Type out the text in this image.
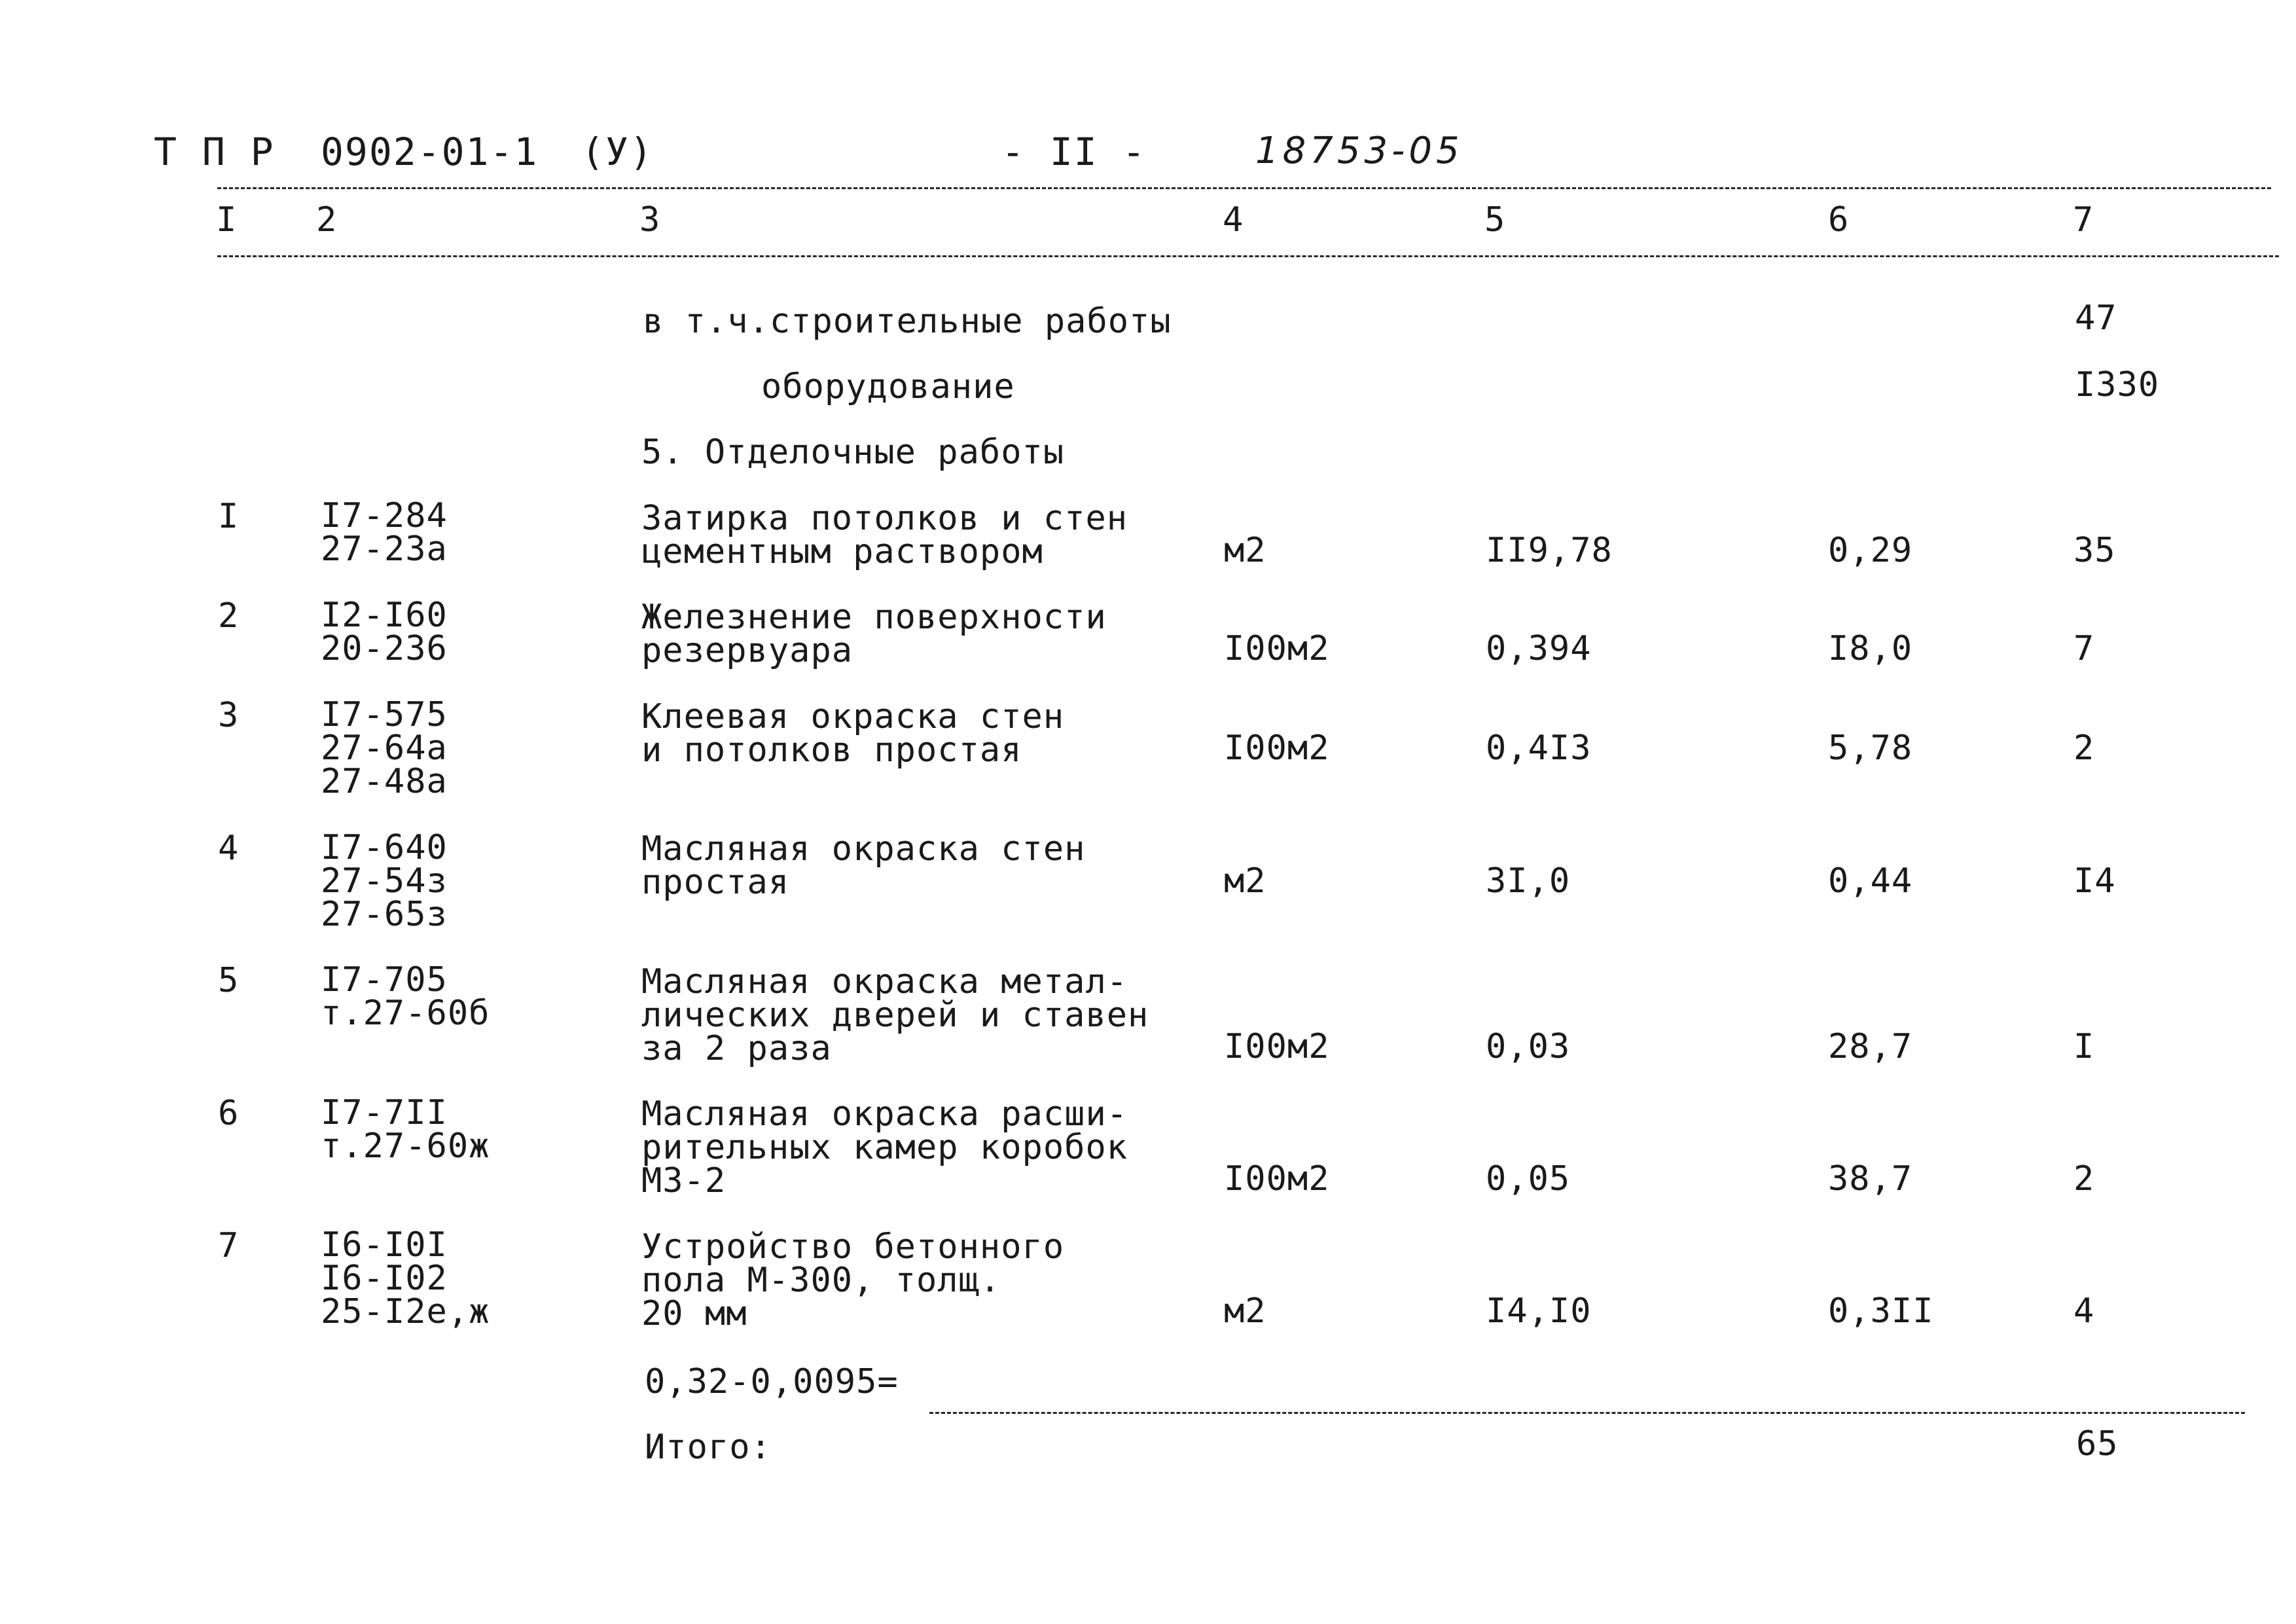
Т П Р 0902-01-1 (У)	- II -	18753-05
I 2	3	4	5	6	7
в т.ч.строительные работы	47
оборудование	I330
5. Отделочные работы
I I7-284
27-23а
Затирка потолков и стен
цементным раствором	м2	II9,78	0,29	35
2 I2-I60
20-236
Железнение поверхности
резервуара	I00м2	0,394	I8,0	7
3 I7-575
27-64а
27-48а
Клеевая окраска стен
и потолков простая	I00м2	0,4I3	5,78	2
4 I7-640
27-54з
27-65з
Масляная окраска стен
простая	м2	3I,0	0,44	I4
5 I7-705
т.27-60б
Масляная окраска метал-
лических дверей и ставен
за 2 раза	I00м2	0,03	28,7	I
6 I7-7II
т.27-60ж
Масляная окраска расши-
рительных камер коробок
МЗ-2	I00м2	0,05	38,7	2
7 I6-I0I
I6-I02
25-I2е,ж
Устройство бетонного
пола М-300, толщ.
20 мм	м2	I4,I0	0,3II	4
0,32-0,0095=
Итого:	65
